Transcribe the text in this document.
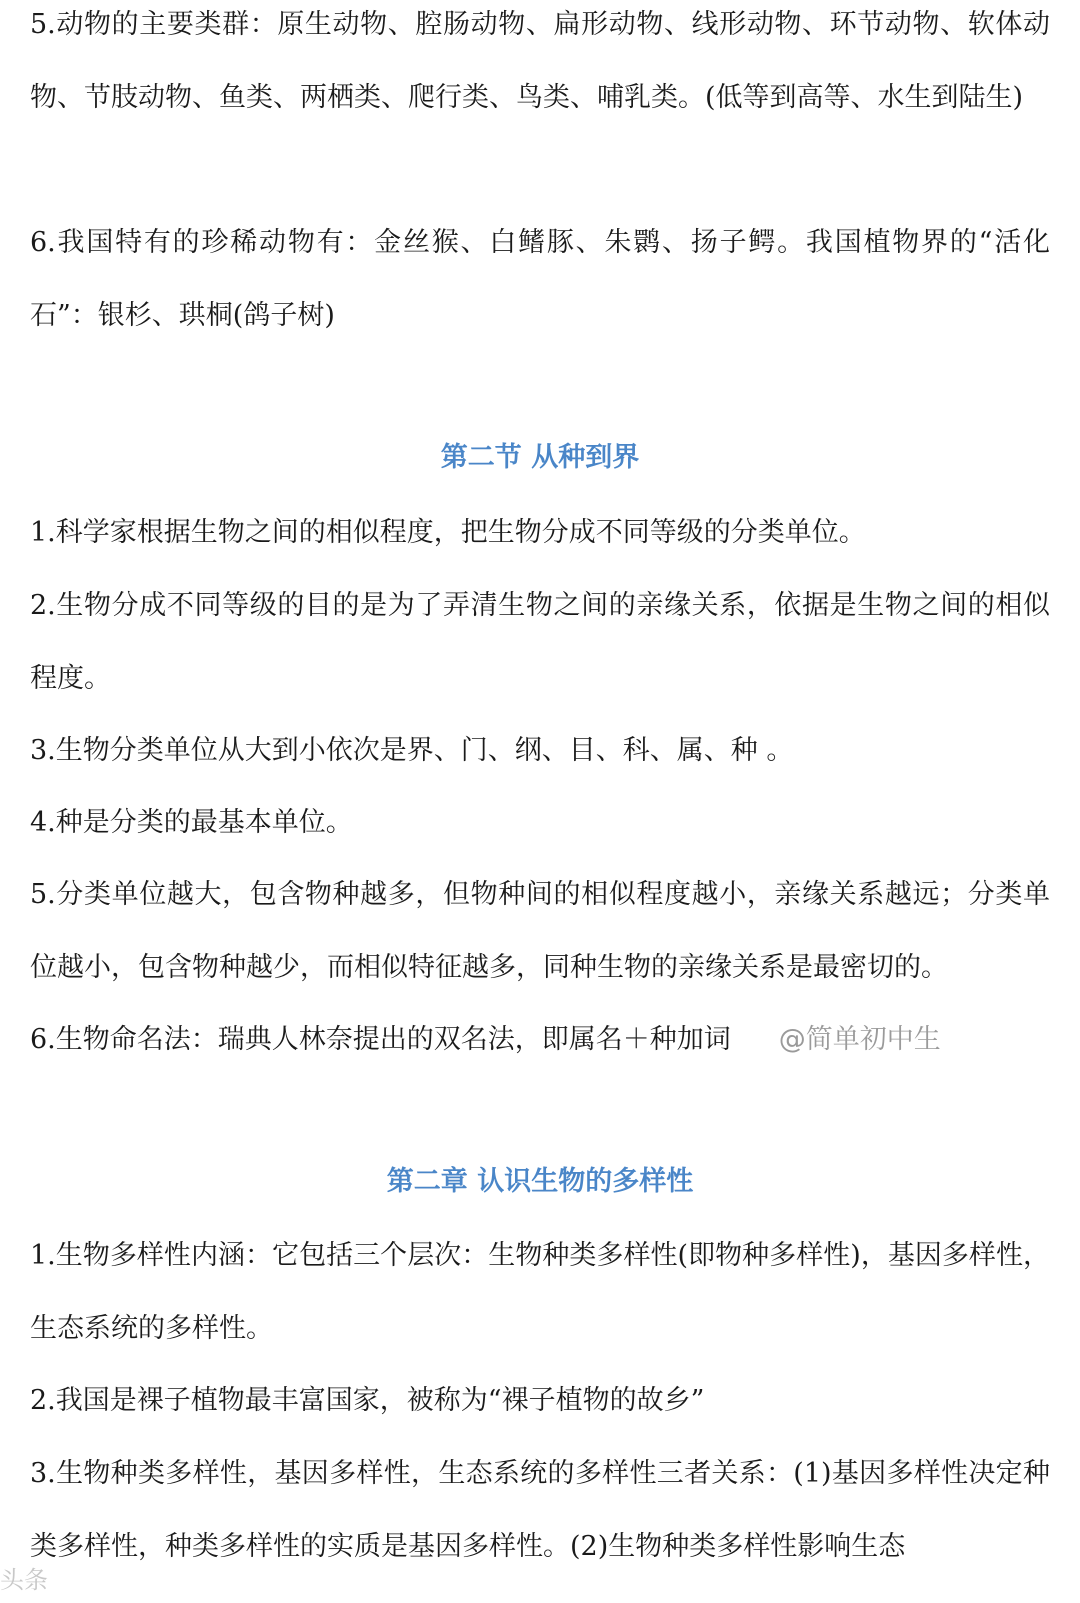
5.动物的主要类群：原生动物、腔肠动物、扁形动物、线形动物、环节动物、软体动物、节肢动物、鱼类、两栖类、爬行类、鸟类、哺乳类。(低等到高等、水生到陆生)

6.我国特有的珍稀动物有：金丝猴、白鳍豚、朱鹮、扬子鳄。我国植物界的“活化石”：银杉、珙桐(鸽子树)

第二节 从种到界

1.科学家根据生物之间的相似程度，把生物分成不同等级的分类单位。

2.生物分成不同等级的目的是为了弄清生物之间的亲缘关系，依据是生物之间的相似程度。

3.生物分类单位从大到小依次是界、门、纲、目、科、属、种 。

4.种是分类的最基本单位。

5.分类单位越大，包含物种越多，但物种间的相似程度越小，亲缘关系越远；分类单位越小，包含物种越少，而相似特征越多，同种生物的亲缘关系是最密切的。

6.生物命名法：瑞典人林奈提出的双名法，即属名＋种加词 @简单初中生

第二章 认识生物的多样性

1.生物多样性内涵：它包括三个层次：生物种类多样性(即物种多样性)，基因多样性，生态系统的多样性。

2.我国是裸子植物最丰富国家，被称为“裸子植物的故乡”

3.生物种类多样性，基因多样性，生态系统的多样性三者关系：(1)基因多样性决定种类多样性，种类多样性的实质是基因多样性。(2)生物种类多样性影响生态

头条
